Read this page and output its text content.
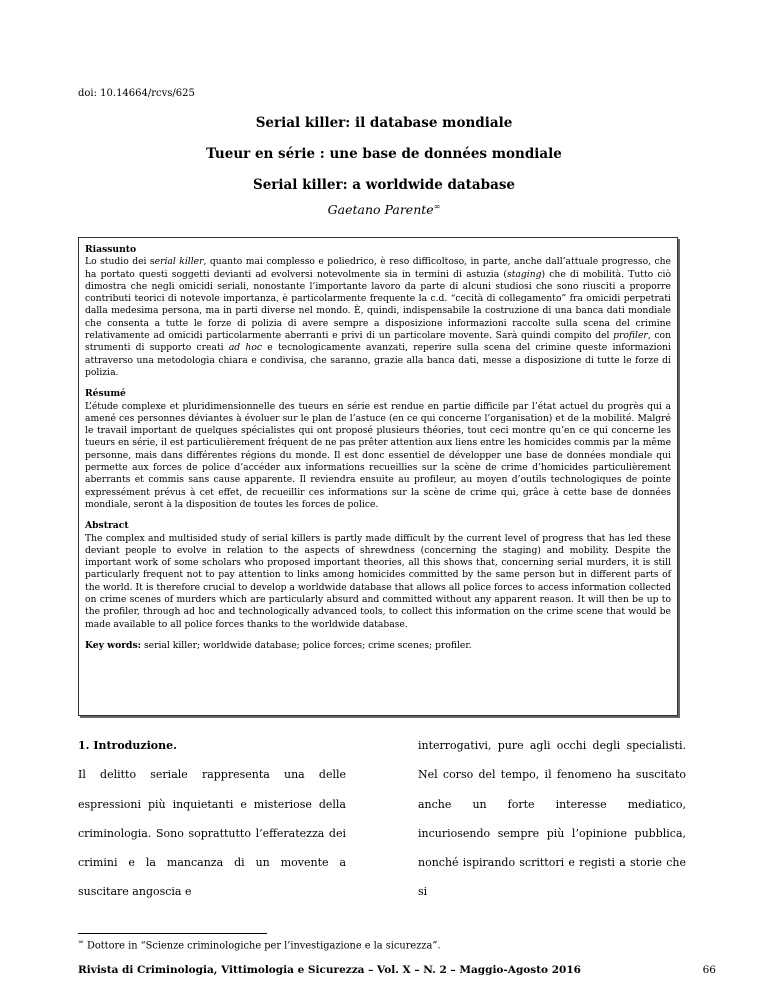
doi: 10.14664/rcvs/625
Serial killer: il database mondiale
Tueur en série : une base de données mondiale
Serial killer: a worldwide database
Gaetano Parente∞
Riassunto
Lo studio dei serial killer, quanto mai complesso e poliedrico, è reso difficoltoso, in parte, anche dall’attuale progresso, che ha portato questi soggetti devianti ad evolversi notevolmente sia in termini di astuzia (staging) che di mobilità. Tutto ciò dimostra che negli omicidi seriali, nonostante l’importante lavoro da parte di alcuni studiosi che sono riusciti a proporre contributi teorici di notevole importanza, è particolarmente frequente la c.d. “cecità di collegamento” fra omicidi perpetrati dalla medesima persona, ma in parti diverse nel mondo. È, quindi, indispensabile la costruzione di una banca dati mondiale che consenta a tutte le forze di polizia di avere sempre a disposizione informazioni raccolte sulla scena del crimine relativamente ad omicidi particolarmente aberranti e privi di un particolare movente. Sarà quindi compito del profiler, con strumenti di supporto creati ad hoc e tecnologicamente avanzati, reperire sulla scena del crimine queste informazioni attraverso una metodologia chiara e condivisa, che saranno, grazie alla banca dati, messe a disposizione di tutte le forze di polizia.
Résumé
L’étude complexe et pluridimensionnelle des tueurs en série est rendue en partie difficile par l’état actuel du progrès qui a amené ces personnes déviantes à évoluer sur le plan de l’astuce (en ce qui concerne l’organisation) et de la mobilité. Malgré le travail important de quelques spécialistes qui ont proposé plusieurs théories, tout ceci montre qu’en ce qui concerne les tueurs en série, il est particulièrement fréquent de ne pas prêter attention aux liens entre les homicides commis par la même personne, mais dans différentes régions du monde. Il est donc essentiel de développer une base de données mondiale qui permette aux forces de police d’accéder aux informations recueillies sur la scène de crime d’homicides particulièrement aberrants et commis sans cause apparente. Il reviendra ensuite au profileur, au moyen d’outils technologiques de pointe expressément prévus à cet effet, de recueillir ces informations sur la scène de crime qui, grâce à cette base de données mondiale, seront à la disposition de toutes les forces de police.
Abstract
The complex and multisided study of serial killers is partly made difficult by the current level of progress that has led these deviant people to evolve in relation to the aspects of shrewdness (concerning the staging) and mobility. Despite the important work of some scholars who proposed important theories, all this shows that, concerning serial murders, it is still particularly frequent not to pay attention to links among homicides committed by the same person but in different parts of the world. It is therefore crucial to develop a worldwide database that allows all police forces to access information collected on crime scenes of murders which are particularly absurd and committed without any apparent reason. It will then be up to the profiler, through ad hoc and technologically advanced tools, to collect this information on the crime scene that would be made available to all police forces thanks to the worldwide database.
Key words: serial killer; worldwide database; police forces; crime scenes; profiler.
1. Introduzione.

Il delitto seriale rappresenta una delle espressioni più inquietanti e misteriose della criminologia. Sono soprattutto l’efferatezza dei crimini e la mancanza di un movente a suscitare angoscia e

interrogativi, pure agli occhi degli specialisti. Nel corso del tempo, il fenomeno ha suscitato anche un forte interesse mediatico, incuriosendo sempre più l’opinione pubblica, nonché ispirando scrittori e registi a storie che si

∞ Dottore in “Scienze criminologiche per l’investigazione e la sicurezza”.
Rivista di Criminologia, Vittimologia e Sicurezza – Vol. X – N. 2 – Maggio-Agosto 2016	66
